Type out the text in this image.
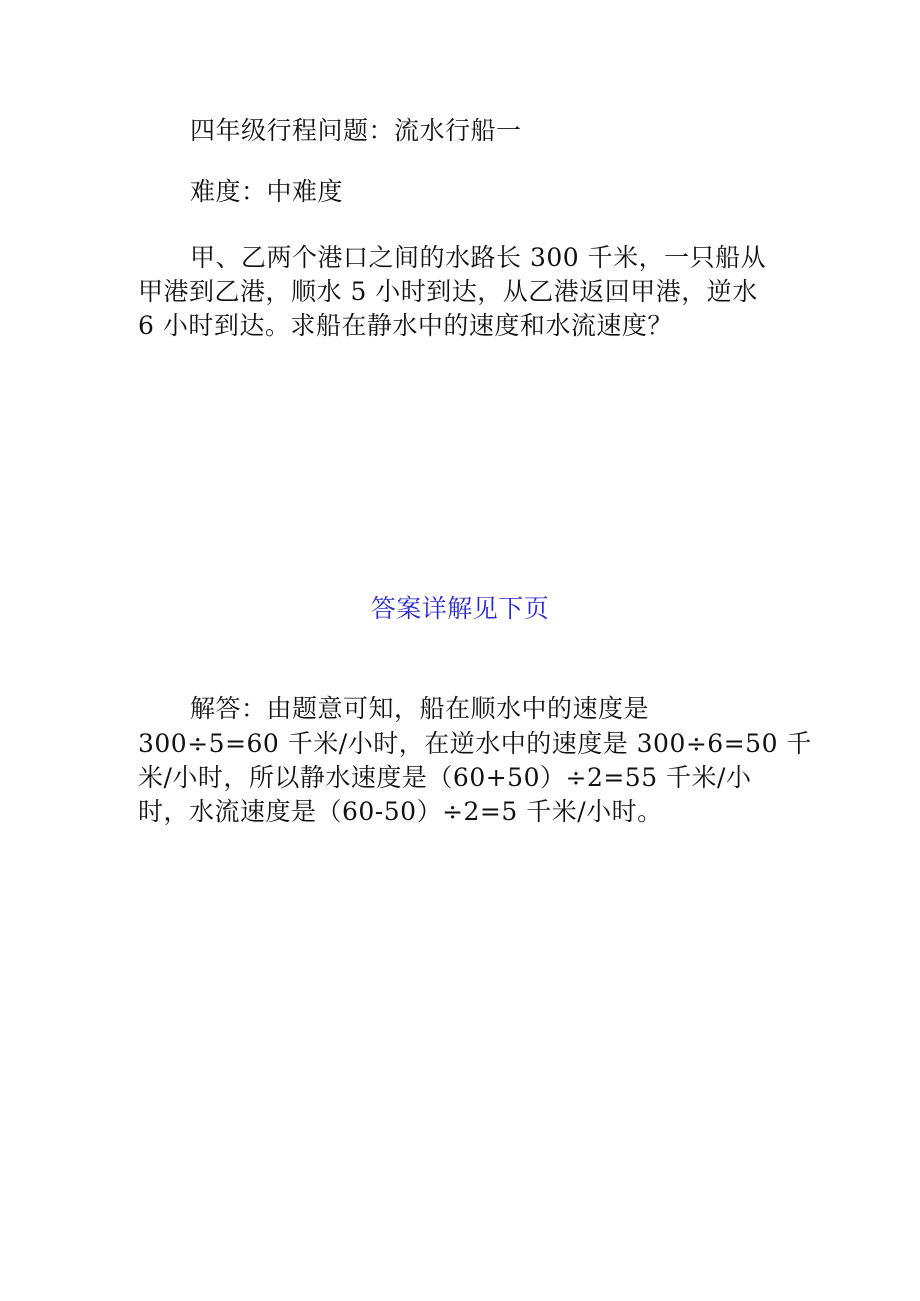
四年级行程问题：流水行船一
难度：中难度
甲、乙两个港口之间的水路长 300 千米，一只船从
甲港到乙港，顺水 5 小时到达，从乙港返回甲港，逆水
6 小时到达。求船在静水中的速度和水流速度？
答案详解见下页
解答：由题意可知，船在顺水中的速度是
300÷5=60 千米/小时，在逆水中的速度是 300÷6=50 千
米/小时，所以静水速度是（60+50）÷2=55 千米/小
时，水流速度是（60-50）÷2=5 千米/小时。
